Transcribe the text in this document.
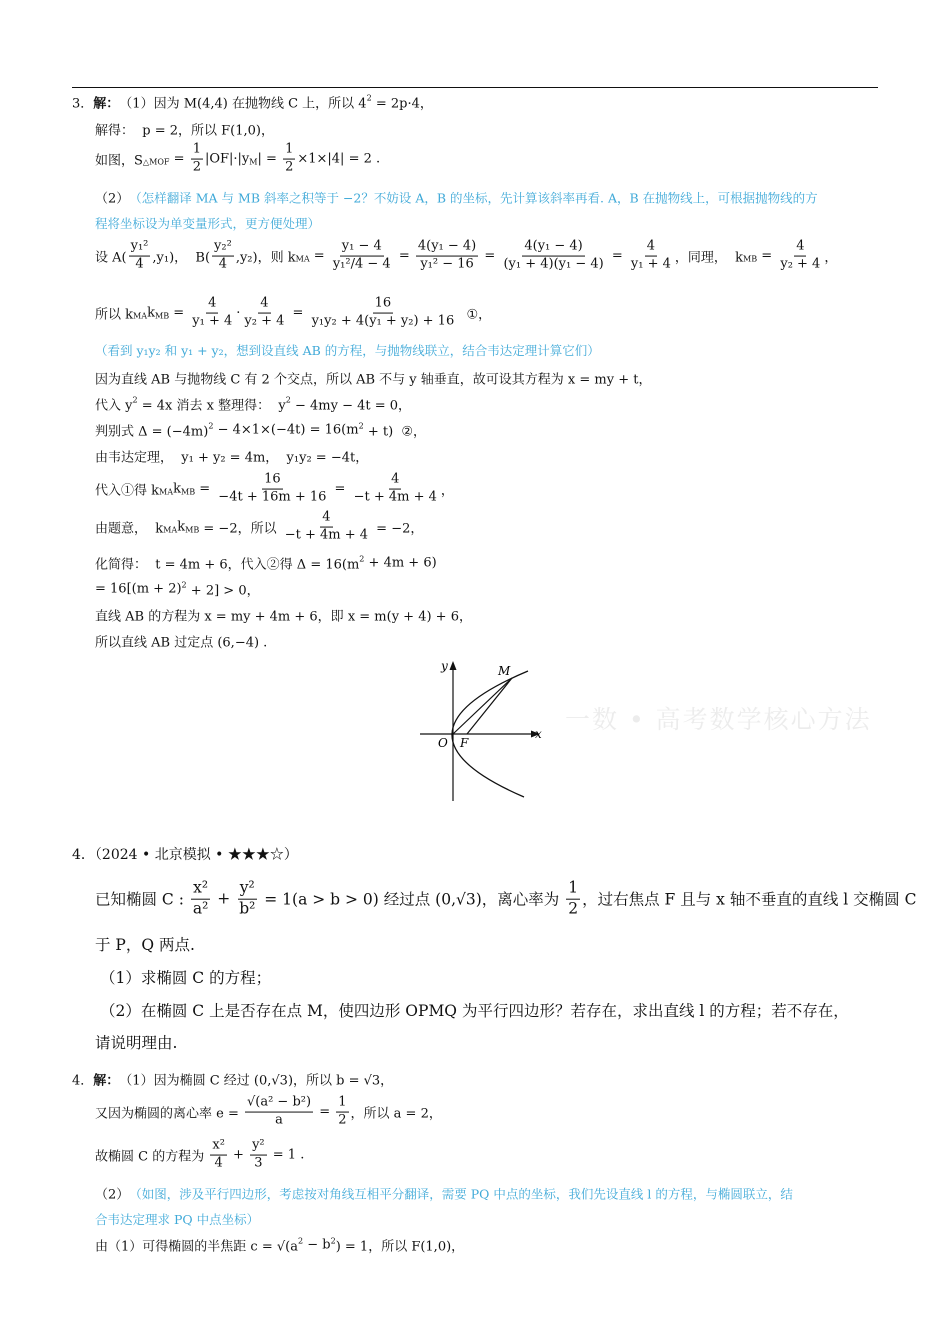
一数 • 高考数学核心方法
3． 解： （1）因为 M(4,4) 在抛物线 C 上，所以 4 2 = 2p·4，
解得：  p = 2，所以 F(1,0)，
如图，S △MOF = $\frac{1}{2} |OF|\cdot|y$ M | = $\frac{1}{2} \times 1\times|4| = 2$ .
（2） （怎样翻译 MA 与 MB 斜率之积等于 −2？不妨设 A，B 的坐标，先计算该斜率再看. A，B 在抛物线上，可根据抛物线的方
程将坐标设为单变量形式，更方便处理）
设 $A( \frac{\text{y₁²}}{4} ,y_1)$，  $B( \frac{\text{y₂²}}{4} ,y_2)$，则 k MA = $\frac{\text{y₁ − 4}}{\text{y₁²/4 − 4}} = \frac{\text{4(y₁ − 4)}}{\text{y₁² − 16}} = \frac{\text{4(y₁ − 4)}}{\text{(y₁ + 4)(y₁ − 4)}} = \frac{4}{\text{y₁ + 4}}$ ，同理，  k MB = $\frac{4}{\text{y₂ + 4}}$ ，
所以 k MA k MB = $\frac{4}{\text{y₁ + 4}} \cdot \frac{4}{\text{y₂ + 4}} = \frac{16}{\text{y₁y₂ + 4(y₁ + y₂) + 16}}$ ①，
（看到 y₁y₂ 和 y₁ + y₂，想到设直线 AB 的方程，与抛物线联立，结合韦达定理计算它们）
因为直线 AB 与抛物线 C 有 2 个交点，所以 AB 不与 y 轴垂直，故可设其方程为 x = my + t，
代入 y 2 = 4x 消去 x 整理得：  y 2 − 4my − 4t = 0，
判别式 Δ = (−4m) 2 − 4×1×(−4t) = 16(m 2 + t)  ②，
由韦达定理，  y₁ + y₂ = 4m，  y₁y₂ = −4t，
代入①得 k MA k MB = $\frac{16}{-4t + 16m + 16} = \frac{4}{-t + 4m + 4}$ ，
由题意，  k MA k MB = −2，所以 $\frac{4}{-t + 4m + 4} = -2$，
化简得：  t = 4m + 6，代入②得 Δ = 16(m 2 + 4m + 6)
= 16[(m + 2) 2 + 2] > 0，
直线 AB 的方程为 x = my + 4m + 6，即 x = m(y + 4) + 6，
所以直线 AB 过定点 (6,−4) .
y	M
x
O F
4．（2024 • 北京模拟 • ★★★☆）
已知椭圆 C : $\frac{\text{x²}}{\text{a²}} + \frac{\text{y²}}{\text{b²}} = 1(a > b > 0)$ 经过点 (0,√3)，离心率为 $\frac{1}{2}$ ，过右焦点 F 且与 x 轴不垂直的直线 l 交椭圆 C
于 P，Q 两点.
（1）求椭圆 C 的方程；
（2）在椭圆 C 上是否存在点 M，使四边形 OPMQ 为平行四边形？若存在，求出直线 l 的方程；若不存在，
请说明理由.
4． 解： （1）因为椭圆 C 经过 (0,√3)，所以 b = √3，
又因为椭圆的离心率 $e = \frac{\text{√(a² − b²)}}{a} = \frac{1}{2}$ ，所以 a = 2，
故椭圆 C 的方程为 $\frac{\text{x²}}{4} + \frac{\text{y²}}{3} = 1$ .
（2） （如图，涉及平行四边形，考虑按对角线互相平分翻译，需要 PQ 中点的坐标，我们先设直线 l 的方程，与椭圆联立，结
合韦达定理求 PQ 中点坐标）
由（1）可得椭圆的半焦距 c = √(a 2 − b 2 ) = 1，所以 F(1,0)，
